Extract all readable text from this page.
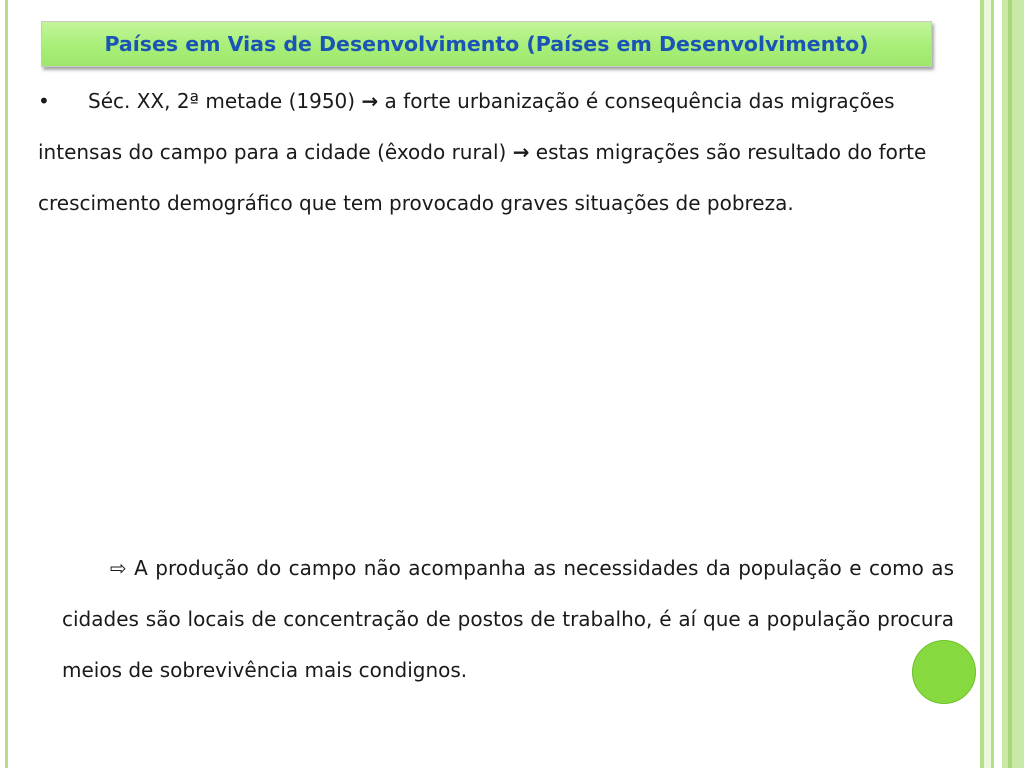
Países em Vias de Desenvolvimento (Países em Desenvolvimento)
• Séc. XX, 2ª metade (1950) → a forte urbanização é consequência das migrações intensas do campo para a cidade (êxodo rural) → estas migrações são resultado do forte crescimento demográfico que tem provocado graves situações de pobreza.
⇨ A produção do campo não acompanha as necessidades da população e como as cidades são locais de concentração de postos de trabalho, é aí que a população procura meios de sobrevivência mais condignos.
